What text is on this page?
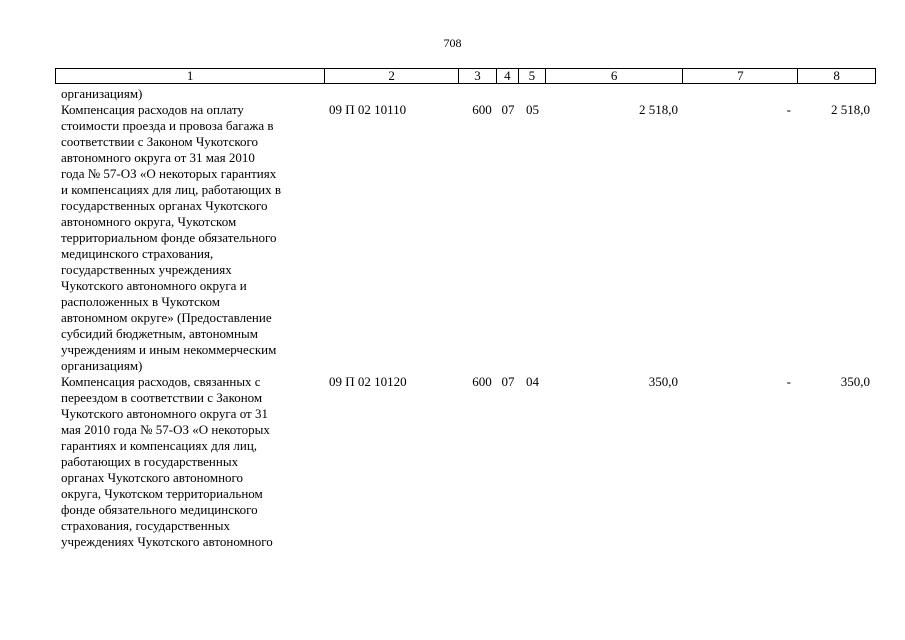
708
1	2	3	4	5	6	7	8
организациям)
Компенсация расходов на оплату
стоимости проезда и провоза багажа в
соответствии с Законом Чукотского
автономного округа от 31 мая 2010
года № 57-ОЗ «О некоторых гарантиях
и компенсациях для лиц, работающих в
государственных органах Чукотского
автономного округа, Чукотском
территориальном фонде обязательного
медицинского страхования,
государственных учреждениях
Чукотского автономного округа и
расположенных в Чукотском
автономном округе» (Предоставление
субсидий бюджетным, автономным
учреждениям и иным некоммерческим
организациям)
09 П 02 10110	600 07 05	2 518,0	-	2 518,0
Компенсация расходов, связанных с
переездом в соответствии с Законом
Чукотского автономного округа от 31
мая 2010 года № 57-ОЗ «О некоторых
гарантиях и компенсациях для лиц,
работающих в государственных
органах Чукотского автономного
округа, Чукотском территориальном
фонде обязательного медицинского
страхования, государственных
учреждениях Чукотского автономного
09 П 02 10120	600 07 04	350,0	-	350,0
